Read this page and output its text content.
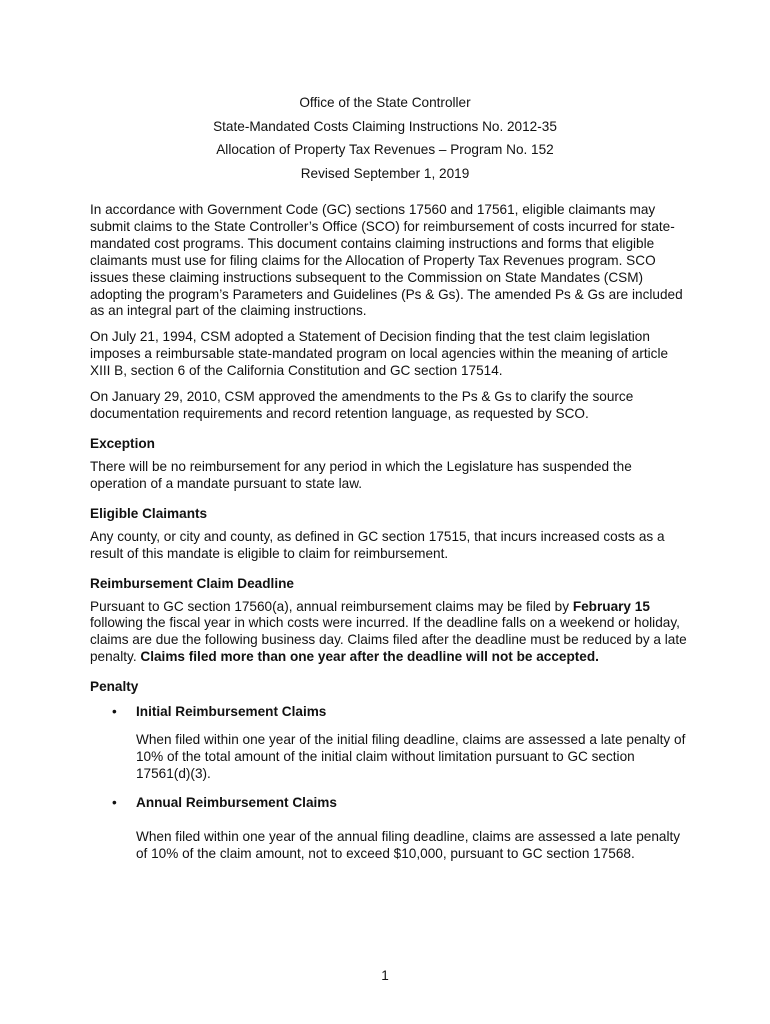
Office of the State Controller
State-Mandated Costs Claiming Instructions No. 2012-35
Allocation of Property Tax Revenues – Program No. 152
Revised September 1, 2019

In accordance with Government Code (GC) sections 17560 and 17561, eligible claimants may submit claims to the State Controller’s Office (SCO) for reimbursement of costs incurred for state-mandated cost programs. This document contains claiming instructions and forms that eligible claimants must use for filing claims for the Allocation of Property Tax Revenues program. SCO issues these claiming instructions subsequent to the Commission on State Mandates (CSM) adopting the program’s Parameters and Guidelines (Ps & Gs). The amended Ps & Gs are included as an integral part of the claiming instructions.

On July 21, 1994, CSM adopted a Statement of Decision finding that the test claim legislation imposes a reimbursable state-mandated program on local agencies within the meaning of article XIII B, section 6 of the California Constitution and GC section 17514.

On January 29, 2010, CSM approved the amendments to the Ps & Gs to clarify the source documentation requirements and record retention language, as requested by SCO.

Exception

There will be no reimbursement for any period in which the Legislature has suspended the operation of a mandate pursuant to state law.

Eligible Claimants

Any county, or city and county, as defined in GC section 17515, that incurs increased costs as a result of this mandate is eligible to claim for reimbursement.

Reimbursement Claim Deadline

Pursuant to GC section 17560(a), annual reimbursement claims may be filed by February 15 following the fiscal year in which costs were incurred. If the deadline falls on a weekend or holiday, claims are due the following business day. Claims filed after the deadline must be reduced by a late penalty. Claims filed more than one year after the deadline will not be accepted.

Penalty
• Initial Reimbursement Claims
When filed within one year of the initial filing deadline, claims are assessed a late penalty of 10% of the total amount of the initial claim without limitation pursuant to GC section 17561(d)(3).
• Annual Reimbursement Claims
When filed within one year of the annual filing deadline, claims are assessed a late penalty of 10% of the claim amount, not to exceed $10,000, pursuant to GC section 17568.
1
